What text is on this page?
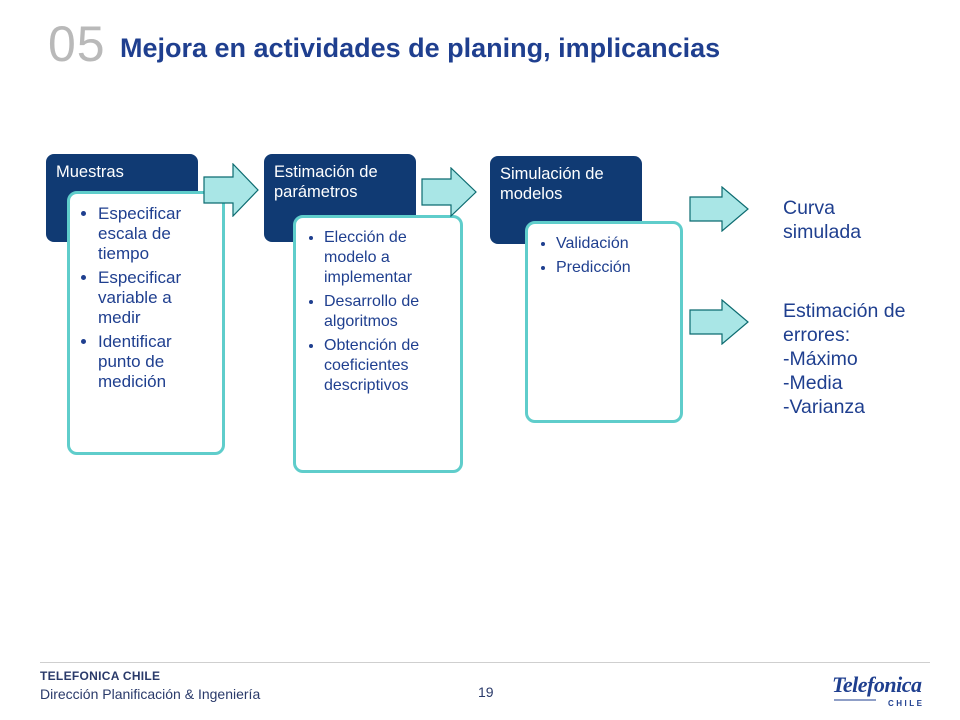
05 Mejora en actividades de planing, implicancias
Muestras
• Especificar escala de tiempo
• Especificar variable a medir
• Identificar punto de medición
Estimación de parámetros
• Elección de modelo a implementar
• Desarrollo de algoritmos
• Obtención de coeficientes descriptivos
Simulación de modelos
• Validación
• Predicción
Curva
simulada
Estimación de
errores:
-Máximo
-Media
-Varianza
TELEFONICA CHILE
Dirección Planificación & Ingeniería	19	Telefonica
CHILE
